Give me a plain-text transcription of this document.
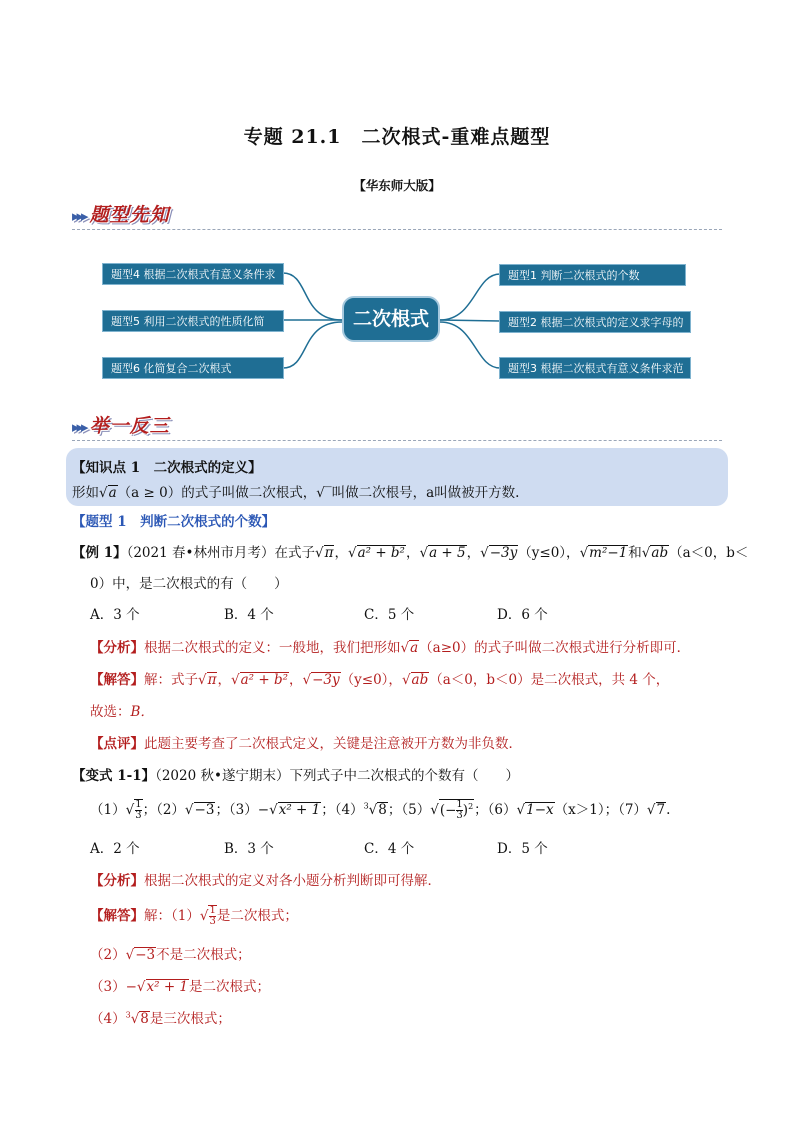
专题 21.1　二次根式-重难点题型
【华东师大版】
▸▸▸ 题型先知
题型4 根据二次根式有意义条件求值
题型5 利用二次根式的性质化简
题型6 化简复合二次根式
二次根式
题型1 判断二次根式的个数
题型2 根据二次根式的定义求字母的值
题型3 根据二次根式有意义条件求范围
▸▸▸ 举一反三
【知识点 1　二次根式的定义】
形如√a（a ≥ 0）的式子叫做二次根式，√‾叫做二次根号，a叫做被开方数.
【题型 1　判断二次根式的个数】
【例 1】（2021 春•林州市月考）在式子√π，√a² + b²，√a + 5，√−3y（y≤0），√m²−1和√ab（a＜0，b＜
0）中，是二次根式的有（　　）
A．3 个	B．4 个	C．5 个	D．6 个
【分析】根据二次根式的定义：一般地，我们把形如√a（a≥0）的式子叫做二次根式进行分析即可．
【解答】解：式子√π，√a² + b²，√−3y（y≤0），√ab（a＜0，b＜0）是二次根式，共 4 个，
故选：B．
【点评】此题主要考查了二次根式定义，关键是注意被开方数为非负数．
【变式 1-1】（2020 秋•遂宁期末）下列式子中二次根式的个数有（　　）
$(1)√ \frac{1}{3}$ ；（2）√−3；（3）−√x² + 1；$(4)^3√8$；$(5)√(- \frac{1}{3} )^2$；（6）√1−x（x＞1）；（7）√7.
A．2 个	B．3 个	C．4 个	D．5 个
【分析】根据二次根式的定义对各小题分析判断即可得解．
【解答】解：$(1)√ \frac{1}{3}$ 是二次根式；
（2）√−3不是二次根式；
（3）−√x² + 1是二次根式；
$(4)^3√8$是三次根式；
